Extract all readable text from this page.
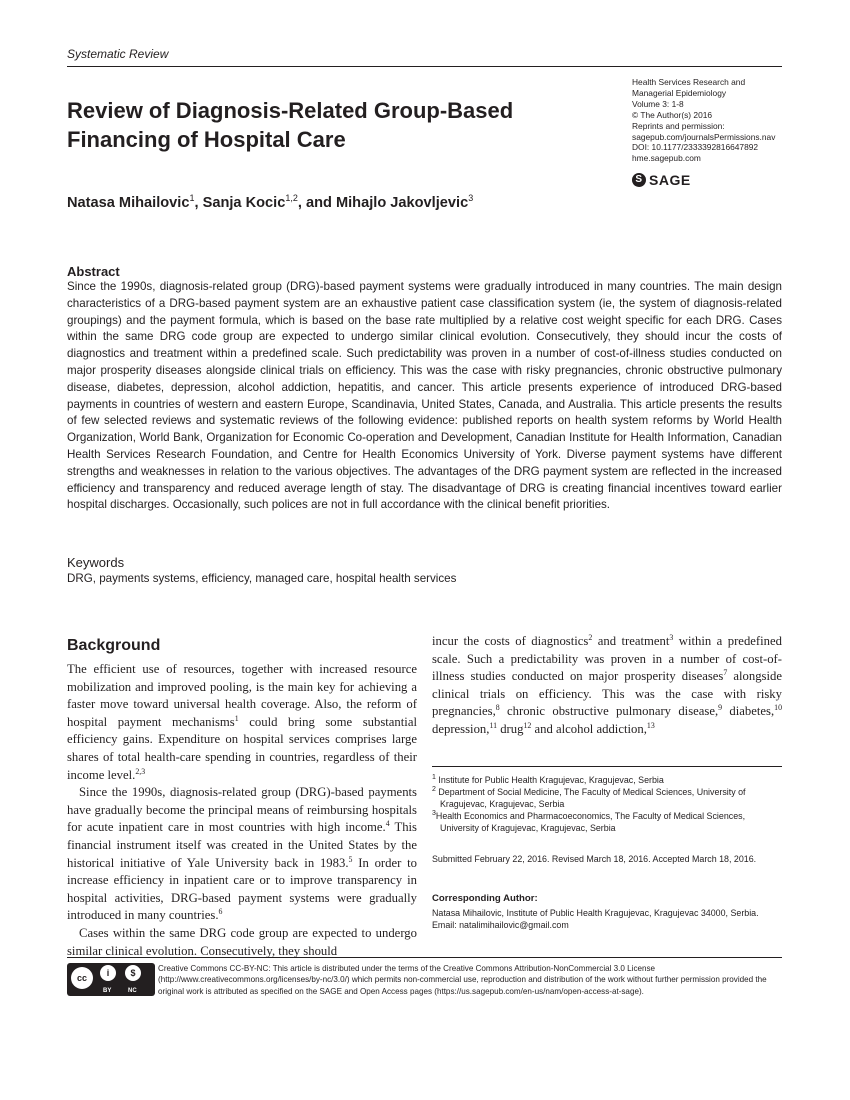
Systematic Review
Review of Diagnosis-Related Group-Based Financing of Hospital Care
Health Services Research and
Managerial Epidemiology
Volume 3: 1-8
© The Author(s) 2016
Reprints and permission:
sagepub.com/journalsPermissions.nav
DOI: 10.1177/2333392816647892
hme.sagepub.com
S SAGE
Natasa Mihailovic$^1$, Sanja Kocic$^{1,2}$, and Mihajlo Jakovljevic$^3$
Abstract
Since the 1990s, diagnosis-related group (DRG)-based payment systems were gradually introduced in many countries. The main design characteristics of a DRG-based payment system are an exhaustive patient case classification system (ie, the system of diagnosis-related groupings) and the payment formula, which is based on the base rate multiplied by a relative cost weight specific for each DRG. Cases within the same DRG code group are expected to undergo similar clinical evolution. Consecutively, they should incur the costs of diagnostics and treatment within a predefined scale. Such predictability was proven in a number of cost-of-illness studies conducted on major prosperity diseases alongside clinical trials on efficiency. This was the case with risky pregnancies, chronic obstructive pulmonary disease, diabetes, depression, alcohol addiction, hepatitis, and cancer. This article presents experience of introduced DRG-based payments in countries of western and eastern Europe, Scandinavia, United States, Canada, and Australia. This article presents the results of few selected reviews and systematic reviews of the following evidence: published reports on health system reforms by World Health Organization, World Bank, Organization for Economic Co-operation and Development, Canadian Institute for Health Information, Canadian Health Services Research Foundation, and Centre for Health Economics University of York. Diverse payment systems have different strengths and weaknesses in relation to the various objectives. The advantages of the DRG payment system are reflected in the increased efficiency and transparency and reduced average length of stay. The disadvantage of DRG is creating financial incentives toward earlier hospital discharges. Occasionally, such polices are not in full accordance with the clinical benefit priorities.
Keywords
DRG, payments systems, efficiency, managed care, hospital health services
Background

The efficient use of resources, together with increased resource mobilization and improved pooling, is the main key for achieving a faster move toward universal health coverage. Also, the reform of hospital payment mechanisms$^1$ could bring some substantial efficiency gains. Expenditure on hospital services comprises large shares of total health-care spending in countries, regardless of their income level.$^{2,3}$

Since the 1990s, diagnosis-related group (DRG)-based payments have gradually become the principal means of reimbursing hospitals for acute inpatient care in most countries with high income.$^4$ This financial instrument itself was created in the United States by the historical initiative of Yale University back in 1983.$^5$ In order to increase efficiency in inpatient care or to improve transparency in hospital activities, DRG-based payment systems were gradually introduced in many countries.$^6$

Cases within the same DRG code group are expected to undergo similar clinical evolution. Consecutively, they should

incur the costs of diagnostics$^2$ and treatment$^3$ within a predefined scale. Such a predictability was proven in a number of cost-of-illness studies conducted on major prosperity diseases$^7$ alongside clinical trials on efficiency. This was the case with risky pregnancies,$^8$ chronic obstructive pulmonary disease,$^9$ diabetes,$^{10}$ depression,$^{11}$ drug$^{12}$ and alcohol addiction,$^{13}$
$^1$ Institute for Public Health Kragujevac, Kragujevac, Serbia
$^2$ Department of Social Medicine, The Faculty of Medical Sciences, University of Kragujevac, Kragujevac, Serbia
$^3$Health Economics and Pharmacoeconomics, The Faculty of Medical Sciences, University of Kragujevac, Kragujevac, Serbia
Submitted February 22, 2016. Revised March 18, 2016. Accepted March 18, 2016.
Corresponding Author:
Natasa Mihailovic, Institute of Public Health Kragujevac, Kragujevac 34000, Serbia.
Email: natalimihailovic@gmail.com
cc	i	$
BY	NC
Creative Commons CC-BY-NC: This article is distributed under the terms of the Creative Commons Attribution-NonCommercial 3.0 License (http://www.creativecommons.org/licenses/by-nc/3.0/) which permits non-commercial use, reproduction and distribution of the work without further permission provided the original work is attributed as specified on the SAGE and Open Access pages (https://us.sagepub.com/en-us/nam/open-access-at-sage).
